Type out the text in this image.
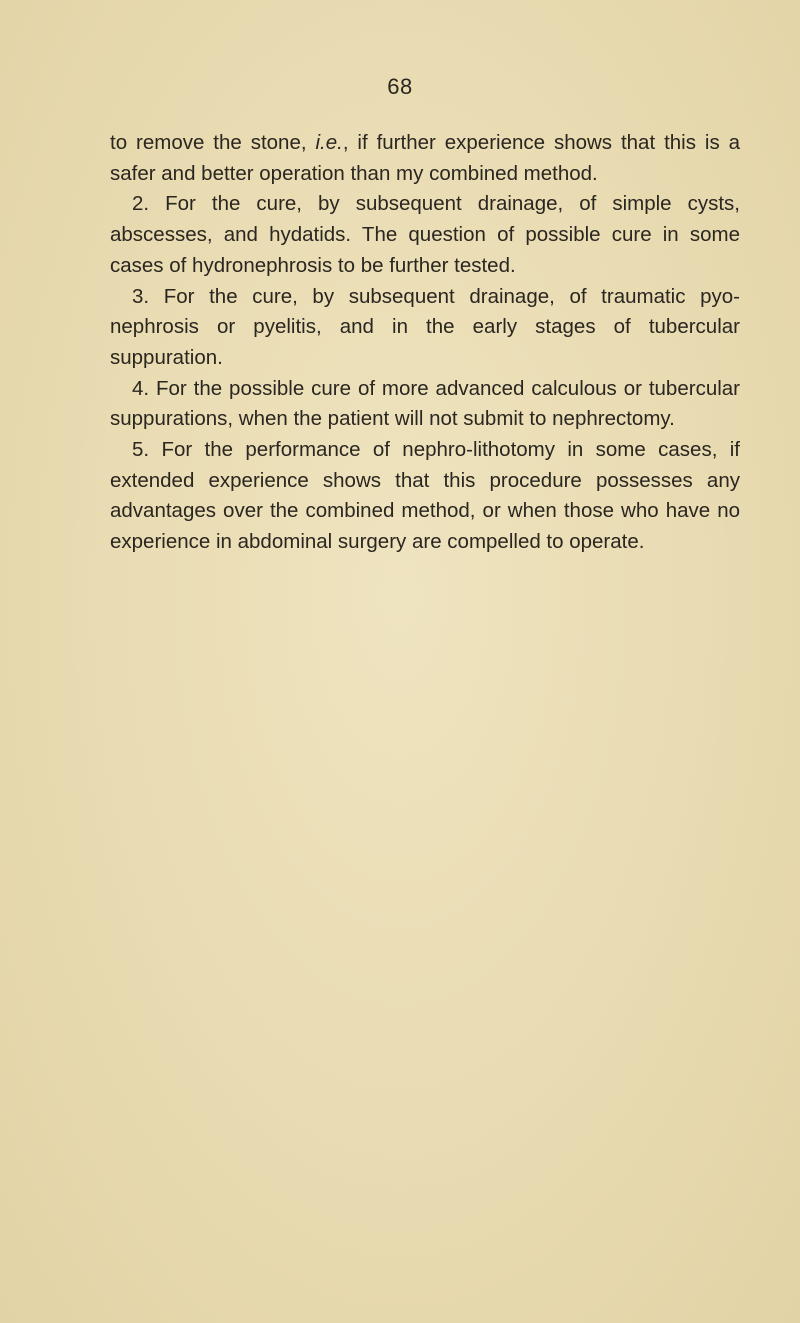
68

to remove the stone, i.e., if further experience shows that this is a safer and better operation than my combined method.

2. For the cure, by subsequent drainage, of simple cysts, abscesses, and hydatids. The question of possible cure in some cases of hydronephrosis to be further tested.

3. For the cure, by subsequent drainage, of traumatic pyo-nephrosis or pyelitis, and in the early stages of tubercular suppuration.

4. For the possible cure of more advanced calculous or tubercular suppurations, when the patient will not submit to nephrectomy.

5. For the performance of nephro-lithotomy in some cases, if extended experience shows that this procedure possesses any advantages over the combined method, or when those who have no experience in abdominal surgery are compelled to operate.
